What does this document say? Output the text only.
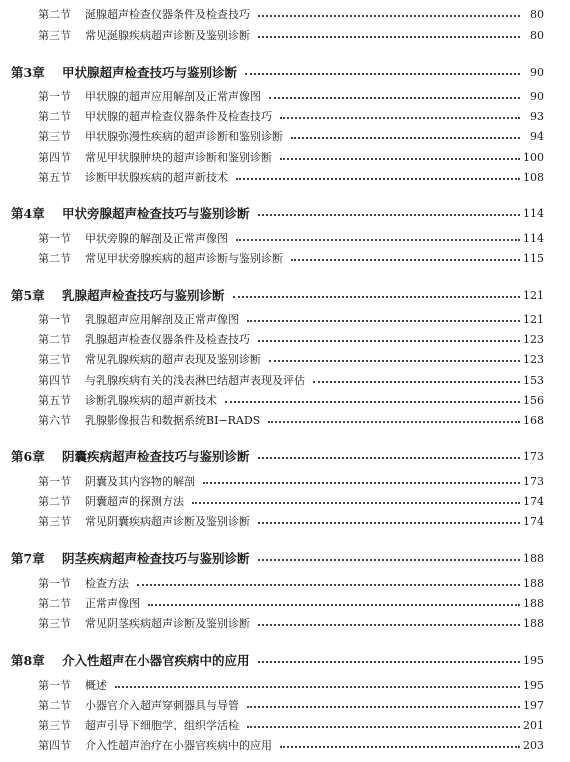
第二节 涎腺超声检查仪器条件及检查技巧	80
第三节 常见涎腺疾病超声诊断及鉴别诊断	80
第3章 甲状腺超声检查技巧与鉴别诊断	90
第一节 甲状腺的超声应用解剖及正常声像图	90
第二节 甲状腺的超声检查仪器条件及检查技巧	93
第三节 甲状腺弥漫性疾病的超声诊断和鉴别诊断	94
第四节 常见甲状腺肿块的超声诊断和鉴别诊断	100
第五节 诊断甲状腺疾病的超声新技术	108
第4章 甲状旁腺超声检查技巧与鉴别诊断	114
第一节 甲状旁腺的解剖及正常声像图	114
第二节 常见甲状旁腺疾病的超声诊断与鉴别诊断	115
第5章 乳腺超声检查技巧与鉴别诊断	121
第一节 乳腺超声应用解剖及正常声像图	121
第二节 乳腺超声检查仪器条件及检查技巧	123
第三节 常见乳腺疾病的超声表现及鉴别诊断	123
第四节 与乳腺疾病有关的浅表淋巴结超声表现及评估	153
第五节 诊断乳腺疾病的超声新技术	156
第六节 乳腺影像报告和数据系统BI−RADS	168
第6章 阴囊疾病超声检查技巧与鉴别诊断	173
第一节 阴囊及其内容物的解剖	173
第二节 阴囊超声的探测方法	174
第三节 常见阴囊疾病超声诊断及鉴别诊断	174
第7章 阴茎疾病超声检查技巧与鉴别诊断	188
第一节 检查方法	188
第二节 正常声像图	188
第三节 常见阴茎疾病超声诊断及鉴别诊断	188
第8章 介入性超声在小器官疾病中的应用	195
第一节 概述	195
第二节 小器官介入超声穿刺器具与导管	197
第三节 超声引导下细胞学、组织学活检	201
第四节 介入性超声治疗在小器官疾病中的应用	203
